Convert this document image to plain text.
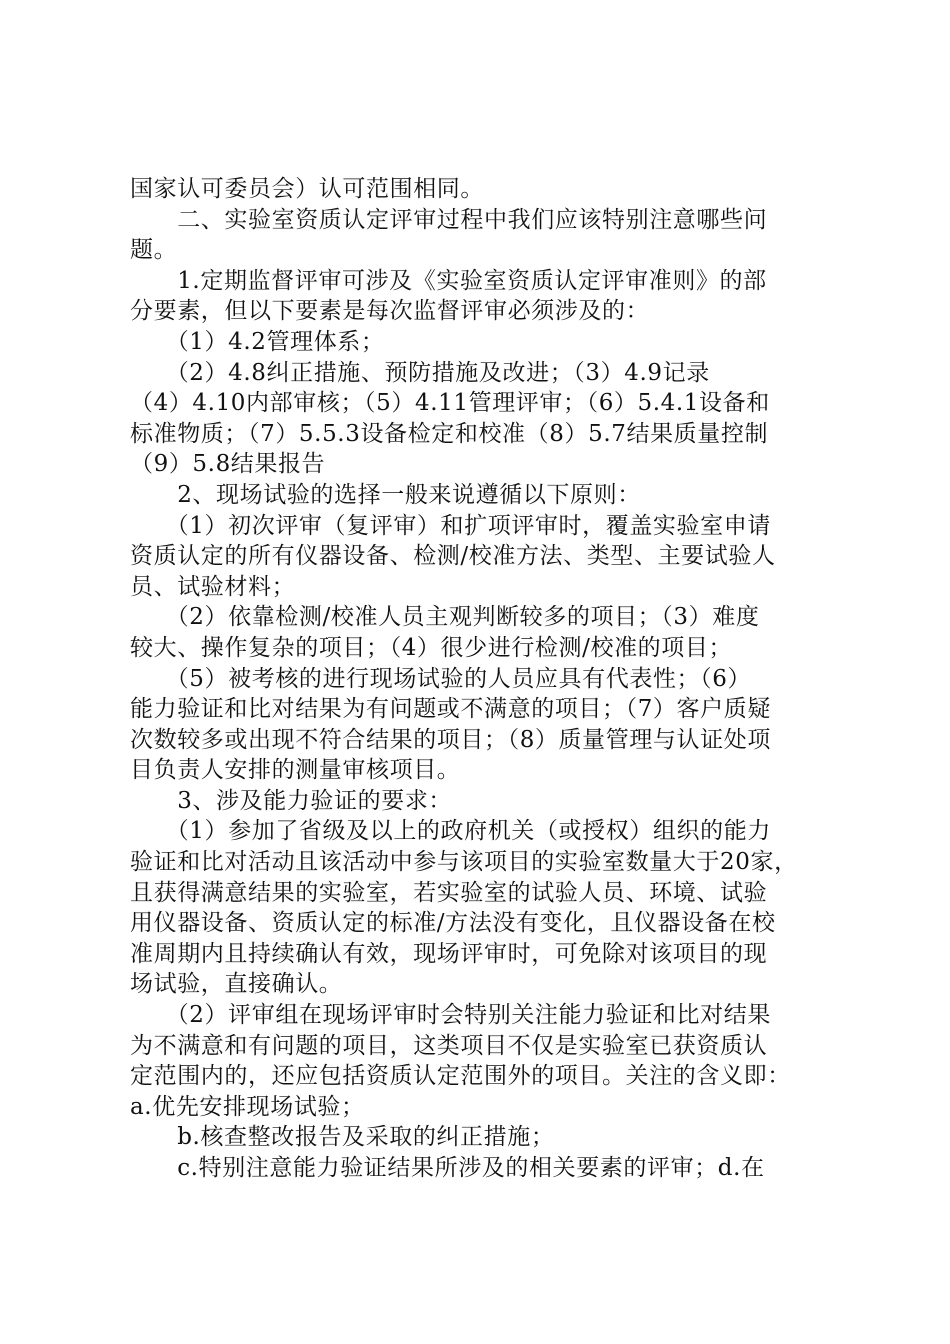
国家认可委员会）认可范围相同。
　　二、实验室资质认定评审过程中我们应该特别注意哪些问
题。
　　1.定期监督评审可涉及《实验室资质认定评审准则》的部
分要素，但以下要素是每次监督评审必须涉及的：
　　（1）4.2管理体系；
　　（2）4.8纠正措施、预防措施及改进；（3）4.9记录
（4）4.10内部审核；（5）4.11管理评审；（6）5.4.1设备和
标准物质；（7）5.5.3设备检定和校准（8）5.7结果质量控制
（9）5.8结果报告
　　2、现场试验的选择一般来说遵循以下原则：
　　（1）初次评审（复评审）和扩项评审时，覆盖实验室申请
资质认定的所有仪器设备、检测/校准方法、类型、主要试验人
员、试验材料；
　　（2）依靠检测/校准人员主观判断较多的项目；（3）难度
较大、操作复杂的项目；（4）很少进行检测/校准的项目；
　　（5）被考核的进行现场试验的人员应具有代表性；（6）
能力验证和比对结果为有问题或不满意的项目；（7）客户质疑
次数较多或出现不符合结果的项目；（8）质量管理与认证处项
目负责人安排的测量审核项目。
　　3、涉及能力验证的要求：
　　（1）参加了省级及以上的政府机关（或授权）组织的能力
验证和比对活动且该活动中参与该项目的实验室数量大于20家，
且获得满意结果的实验室，若实验室的试验人员、环境、试验
用仪器设备、资质认定的标准/方法没有变化，且仪器设备在校
准周期内且持续确认有效，现场评审时，可免除对该项目的现
场试验，直接确认。
　　（2）评审组在现场评审时会特别关注能力验证和比对结果
为不满意和有问题的项目，这类项目不仅是实验室已获资质认
定范围内的，还应包括资质认定范围外的项目。关注的含义即：
a.优先安排现场试验；
　　b.核查整改报告及采取的纠正措施；
　　c.特别注意能力验证结果所涉及的相关要素的评审；d.在
